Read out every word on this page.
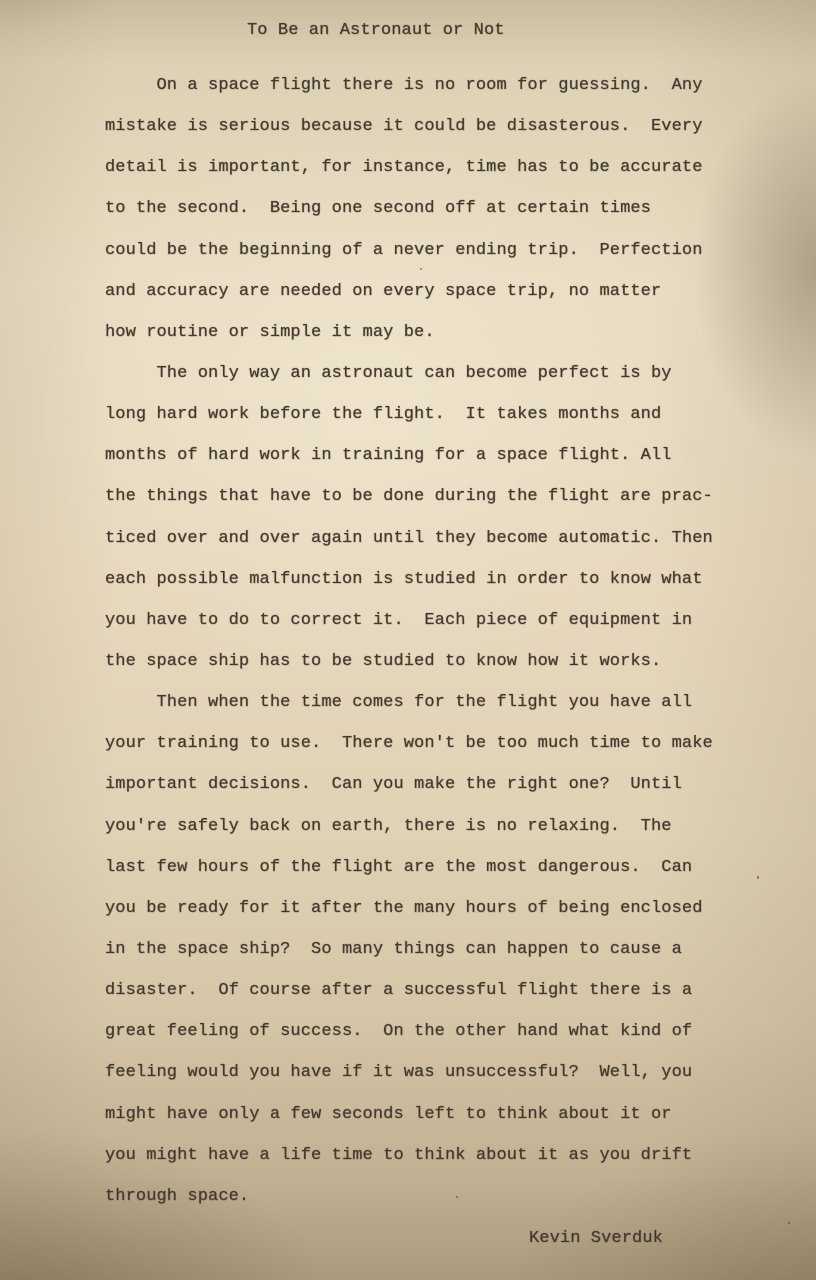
To Be an Astronaut or Not
On a space flight there is no room for guessing.  Any
mistake is serious because it could be disasterous.  Every
detail is important, for instance, time has to be accurate
to the second.  Being one second off at certain times
could be the beginning of a never ending trip.  Perfection
and accuracy are needed on every space trip, no matter
how routine or simple it may be.
The only way an astronaut can become perfect is by
long hard work before the flight.  It takes months and
months of hard work in training for a space flight. All
the things that have to be done during the flight are prac-
ticed over and over again until they become automatic. Then
each possible malfunction is studied in order to know what
you have to do to correct it.  Each piece of equipment in
the space ship has to be studied to know how it works.
Then when the time comes for the flight you have all
your training to use.  There won't be too much time to make
important decisions.  Can you make the right one?  Until
you're safely back on earth, there is no relaxing.  The
last few hours of the flight are the most dangerous.  Can
you be ready for it after the many hours of being enclosed
in the space ship?  So many things can happen to cause a
disaster.  Of course after a successful flight there is a
great feeling of success.  On the other hand what kind of
feeling would you have if it was unsuccessful?  Well, you
might have only a few seconds left to think about it or
you might have a life time to think about it as you drift
through space.
Kevin Sverduk
